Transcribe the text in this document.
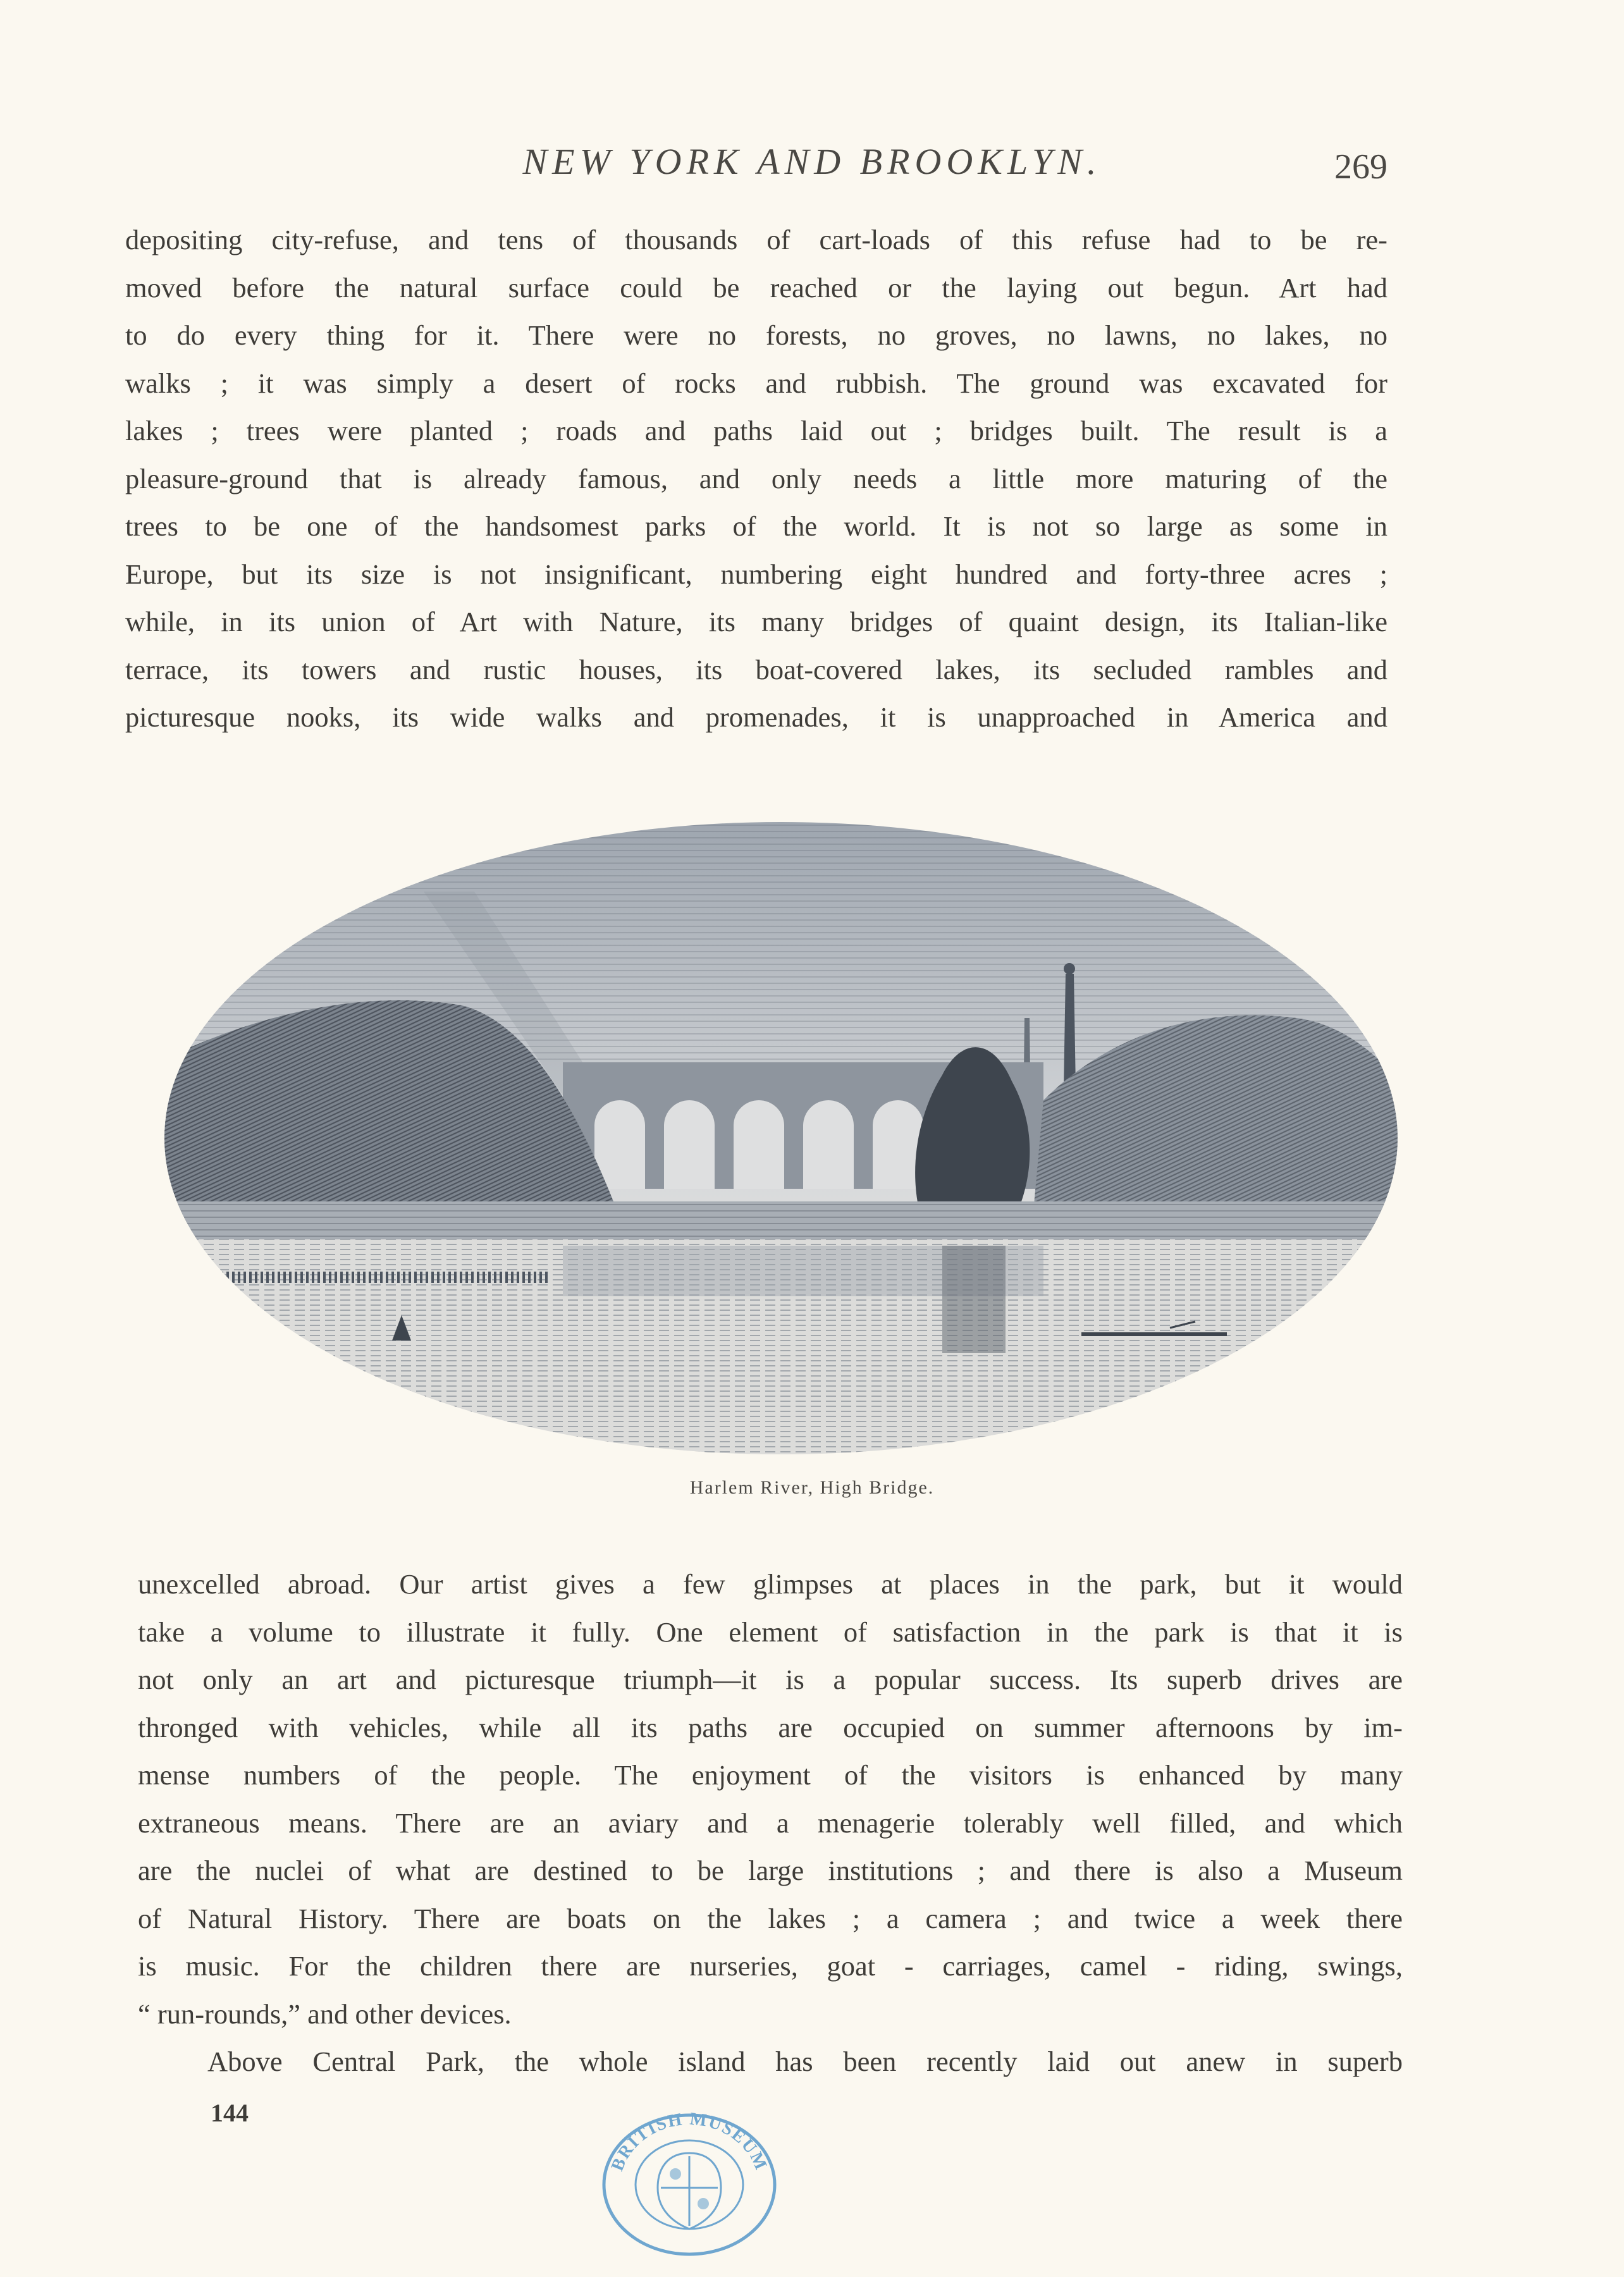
NEW YORK AND BROOKLYN.	269
depositing city-refuse, and tens of thousands of cart-loads of this refuse had to be re-
moved before the natural surface could be reached or the laying out begun. Art had
to do every thing for it. There were no forests, no groves, no lawns, no lakes, no
walks ; it was simply a desert of rocks and rubbish. The ground was excavated for
lakes ; trees were planted ; roads and paths laid out ; bridges built. The result is a
pleasure-ground that is already famous, and only needs a little more maturing of the
trees to be one of the handsomest parks of the world. It is not so large as some in
Europe, but its size is not insignificant, numbering eight hundred and forty-three acres ;
while, in its union of Art with Nature, its many bridges of quaint design, its Italian-like
terrace, its towers and rustic houses, its boat-covered lakes, its secluded rambles and
picturesque nooks, its wide walks and promenades, it is unapproached in America and
Harlem River, High Bridge.
unexcelled abroad. Our artist gives a few glimpses at places in the park, but it would
take a volume to illustrate it fully. One element of satisfaction in the park is that it is
not only an art and picturesque triumph—it is a popular success. Its superb drives are
thronged with vehicles, while all its paths are occupied on summer afternoons by im-
mense numbers of the people. The enjoyment of the visitors is enhanced by many
extraneous means. There are an aviary and a menagerie tolerably well filled, and which
are the nuclei of what are destined to be large institutions ; and there is also a Museum
of Natural History. There are boats on the lakes ; a camera ; and twice a week there
is music. For the children there are nurseries, goat - carriages, camel - riding, swings,
“ run-rounds,” and other devices.
Above Central Park, the whole island has been recently laid out anew in superb
144
BRITISH MUSEUM
